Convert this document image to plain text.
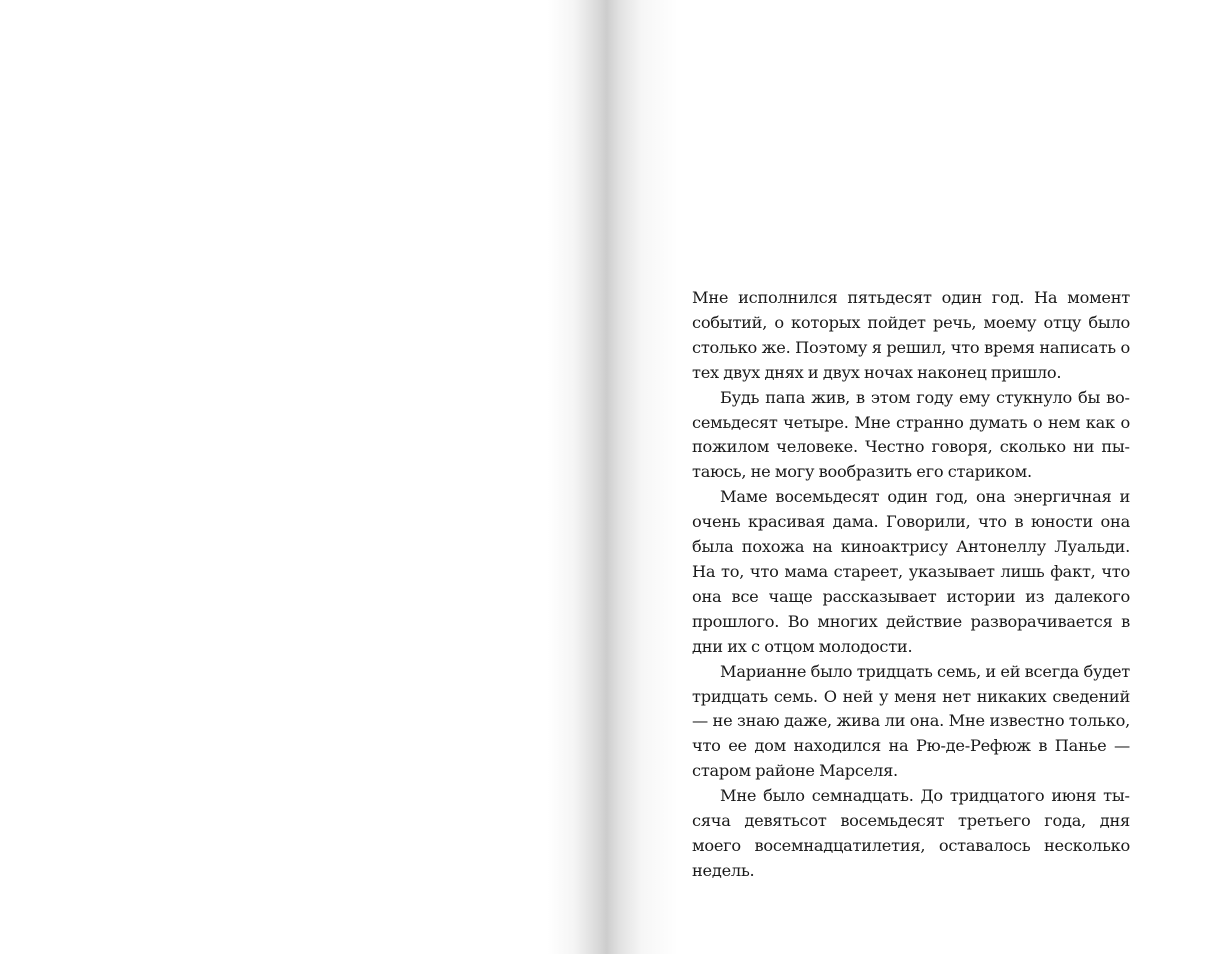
Мне исполнился пятьдесят один год. На момент событий, о которых пойдет речь, моему отцу было столько же. Поэтому я решил, что время написать о тех двух днях и двух ночах наконец пришло.

Будь папа жив, в этом году ему стукнуло бы восемьдесят четыре. Мне странно думать о нем как о пожилом человеке. Честно говоря, сколько ни пытаюсь, не могу вообразить его стариком.

Маме восемьдесят один год, она энергичная и очень красивая дама. Говорили, что в юности она была похожа на киноактрису Антонеллу Луальди. На то, что мама стареет, указывает лишь факт, что она все чаще рассказывает истории из далекого прошлого. Во многих действие разворачивается в дни их с отцом молодости.

Марианне было тридцать семь, и ей всегда будет тридцать семь. О ней у меня нет никаких сведений — не знаю даже, жива ли она. Мне известно только, что ее дом находился на Рю-де-Рефюж в Панье — старом районе Марселя.

Мне было семнадцать. До тридцатого июня тысяча девятьсот восемьдесят третьего года, дня моего восемнадцатилетия, оставалось несколько недель.
